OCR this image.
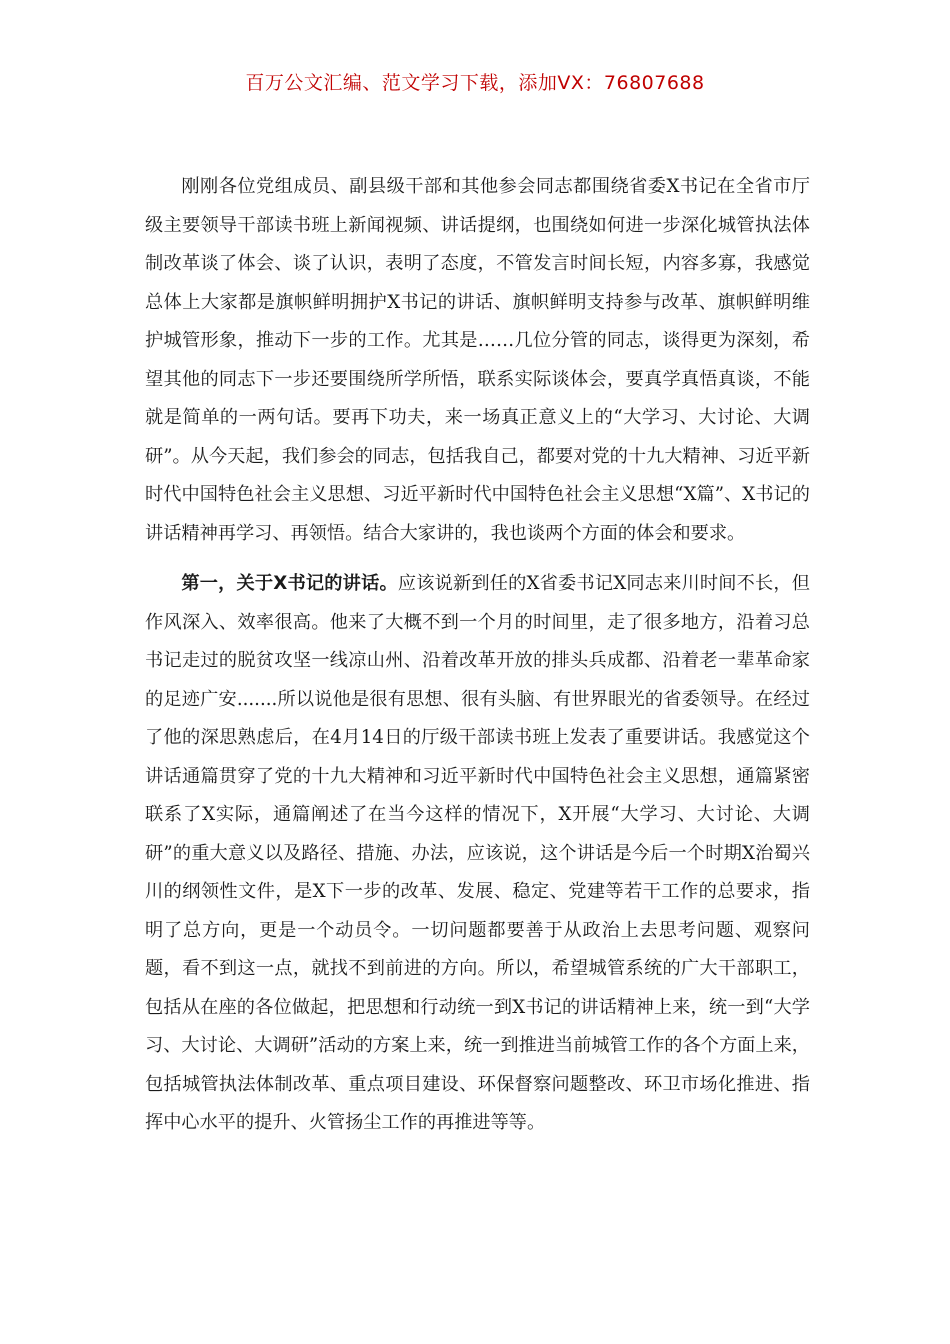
百万公文汇编、范文学习下载，添加VX：76807688

刚刚各位党组成员、副县级干部和其他参会同志都围绕省委X书记在全省市厅级主要领导干部读书班上新闻视频、讲话提纲，也围绕如何进一步深化城管执法体制改革谈了体会、谈了认识，表明了态度，不管发言时间长短，内容多寡，我感觉总体上大家都是旗帜鲜明拥护X书记的讲话、旗帜鲜明支持参与改革、旗帜鲜明维护城管形象，推动下一步的工作。尤其是……几位分管的同志，谈得更为深刻，希望其他的同志下一步还要围绕所学所悟，联系实际谈体会，要真学真悟真谈，不能就是简单的一两句话。要再下功夫，来一场真正意义上的“大学习、大讨论、大调研”。从今天起，我们参会的同志，包括我自己，都要对党的十九大精神、习近平新时代中国特色社会主义思想、习近平新时代中国特色社会主义思想“X篇”、X书记的讲话精神再学习、再领悟。结合大家讲的，我也谈两个方面的体会和要求。

第一，关于X书记的讲话。应该说新到任的X省委书记X同志来川时间不长，但作风深入、效率很高。他来了大概不到一个月的时间里，走了很多地方，沿着习总书记走过的脱贫攻坚一线凉山州、沿着改革开放的排头兵成都、沿着老一辈革命家的足迹广安.......所以说他是很有思想、很有头脑、有世界眼光的省委领导。在经过了他的深思熟虑后，在4月14日的厅级干部读书班上发表了重要讲话。我感觉这个讲话通篇贯穿了党的十九大精神和习近平新时代中国特色社会主义思想，通篇紧密联系了X实际，通篇阐述了在当今这样的情况下，X开展“大学习、大讨论、大调研”的重大意义以及路径、措施、办法，应该说，这个讲话是今后一个时期X治蜀兴川的纲领性文件，是X下一步的改革、发展、稳定、党建等若干工作的总要求，指明了总方向，更是一个动员令。一切问题都要善于从政治上去思考问题、观察问题，看不到这一点，就找不到前进的方向。所以，希望城管系统的广大干部职工，包括从在座的各位做起，把思想和行动统一到X书记的讲话精神上来，统一到“大学习、大讨论、大调研”活动的方案上来，统一到推进当前城管工作的各个方面上来，包括城管执法体制改革、重点项目建设、环保督察问题整改、环卫市场化推进、指挥中心水平的提升、火管扬尘工作的再推进等等。
